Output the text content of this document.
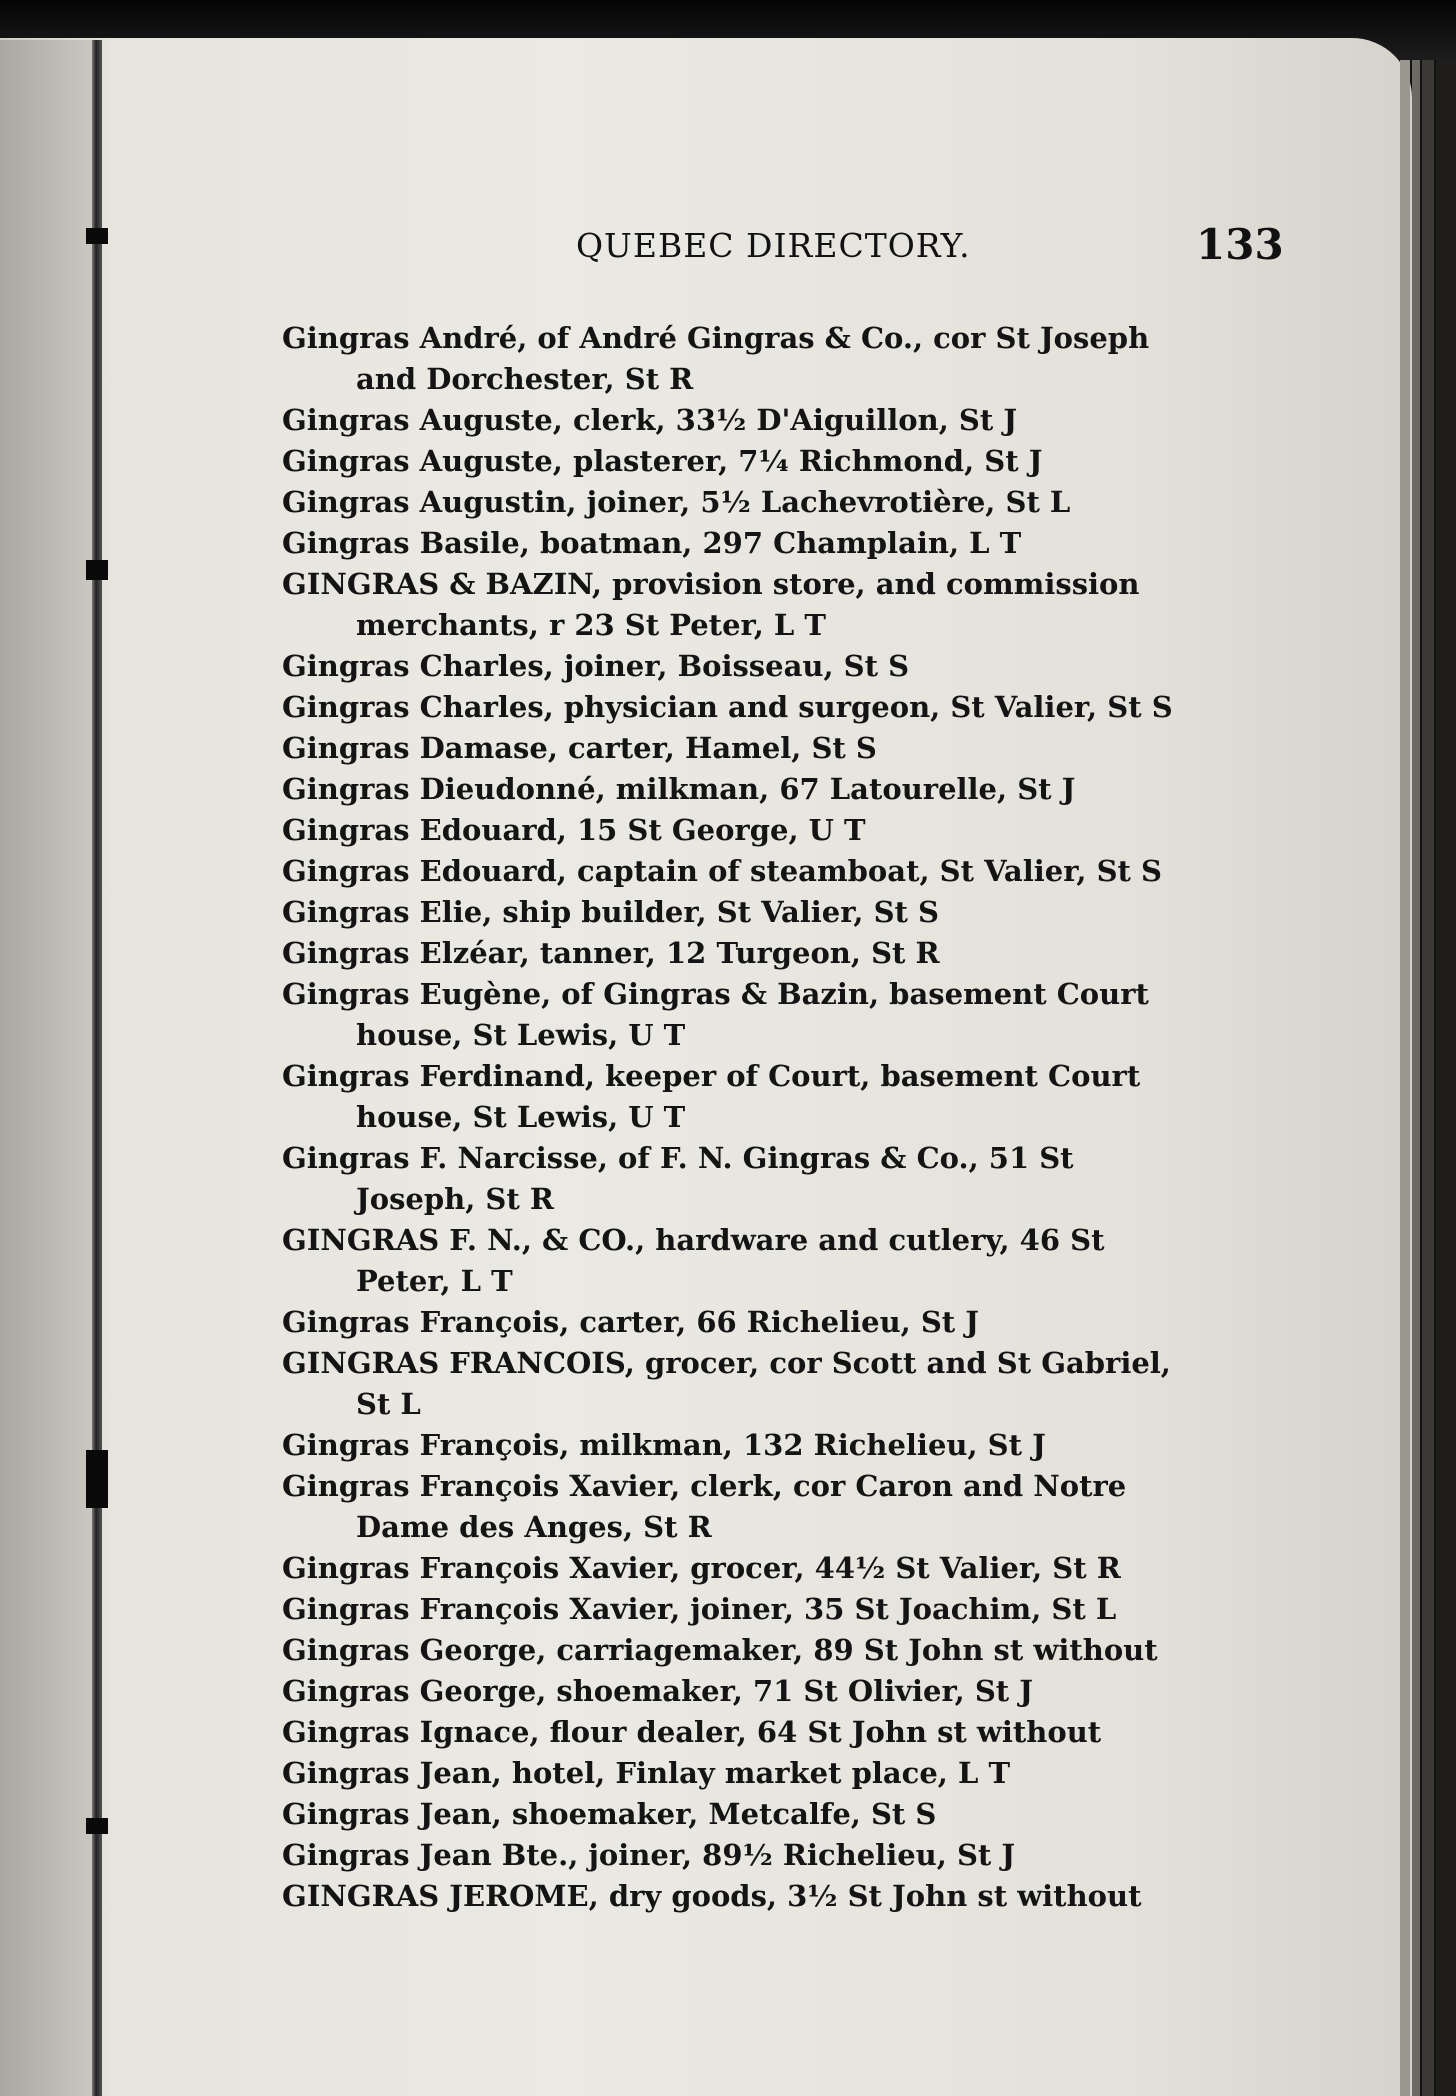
QUEBEC DIRECTORY.	133
Gingras André, of André Gingras & Co., cor St Joseph
and Dorchester, St R
Gingras Auguste, clerk, 33½ D'Aiguillon, St J
Gingras Auguste, plasterer, 7¼ Richmond, St J
Gingras Augustin, joiner, 5½ Lachevrotière, St L
Gingras Basile, boatman, 297 Champlain, L T
GINGRAS & BAZIN, provision store, and commission
merchants, r 23 St Peter, L T
Gingras Charles, joiner, Boisseau, St S
Gingras Charles, physician and surgeon, St Valier, St S
Gingras Damase, carter, Hamel, St S
Gingras Dieudonné, milkman, 67 Latourelle, St J
Gingras Edouard, 15 St George, U T
Gingras Edouard, captain of steamboat, St Valier, St S
Gingras Elie, ship builder, St Valier, St S
Gingras Elzéar, tanner, 12 Turgeon, St R
Gingras Eugène, of Gingras & Bazin, basement Court
house, St Lewis, U T
Gingras Ferdinand, keeper of Court, basement Court
house, St Lewis, U T
Gingras F. Narcisse, of F. N. Gingras & Co., 51 St
Joseph, St R
GINGRAS F. N., & CO., hardware and cutlery, 46 St
Peter, L T
Gingras François, carter, 66 Richelieu, St J
GINGRAS FRANCOIS, grocer, cor Scott and St Gabriel,
St L
Gingras François, milkman, 132 Richelieu, St J
Gingras François Xavier, clerk, cor Caron and Notre
Dame des Anges, St R
Gingras François Xavier, grocer, 44½ St Valier, St R
Gingras François Xavier, joiner, 35 St Joachim, St L
Gingras George, carriagemaker, 89 St John st without
Gingras George, shoemaker, 71 St Olivier, St J
Gingras Ignace, flour dealer, 64 St John st without
Gingras Jean, hotel, Finlay market place, L T
Gingras Jean, shoemaker, Metcalfe, St S
Gingras Jean Bte., joiner, 89½ Richelieu, St J
GINGRAS JEROME, dry goods, 3½ St John st without
